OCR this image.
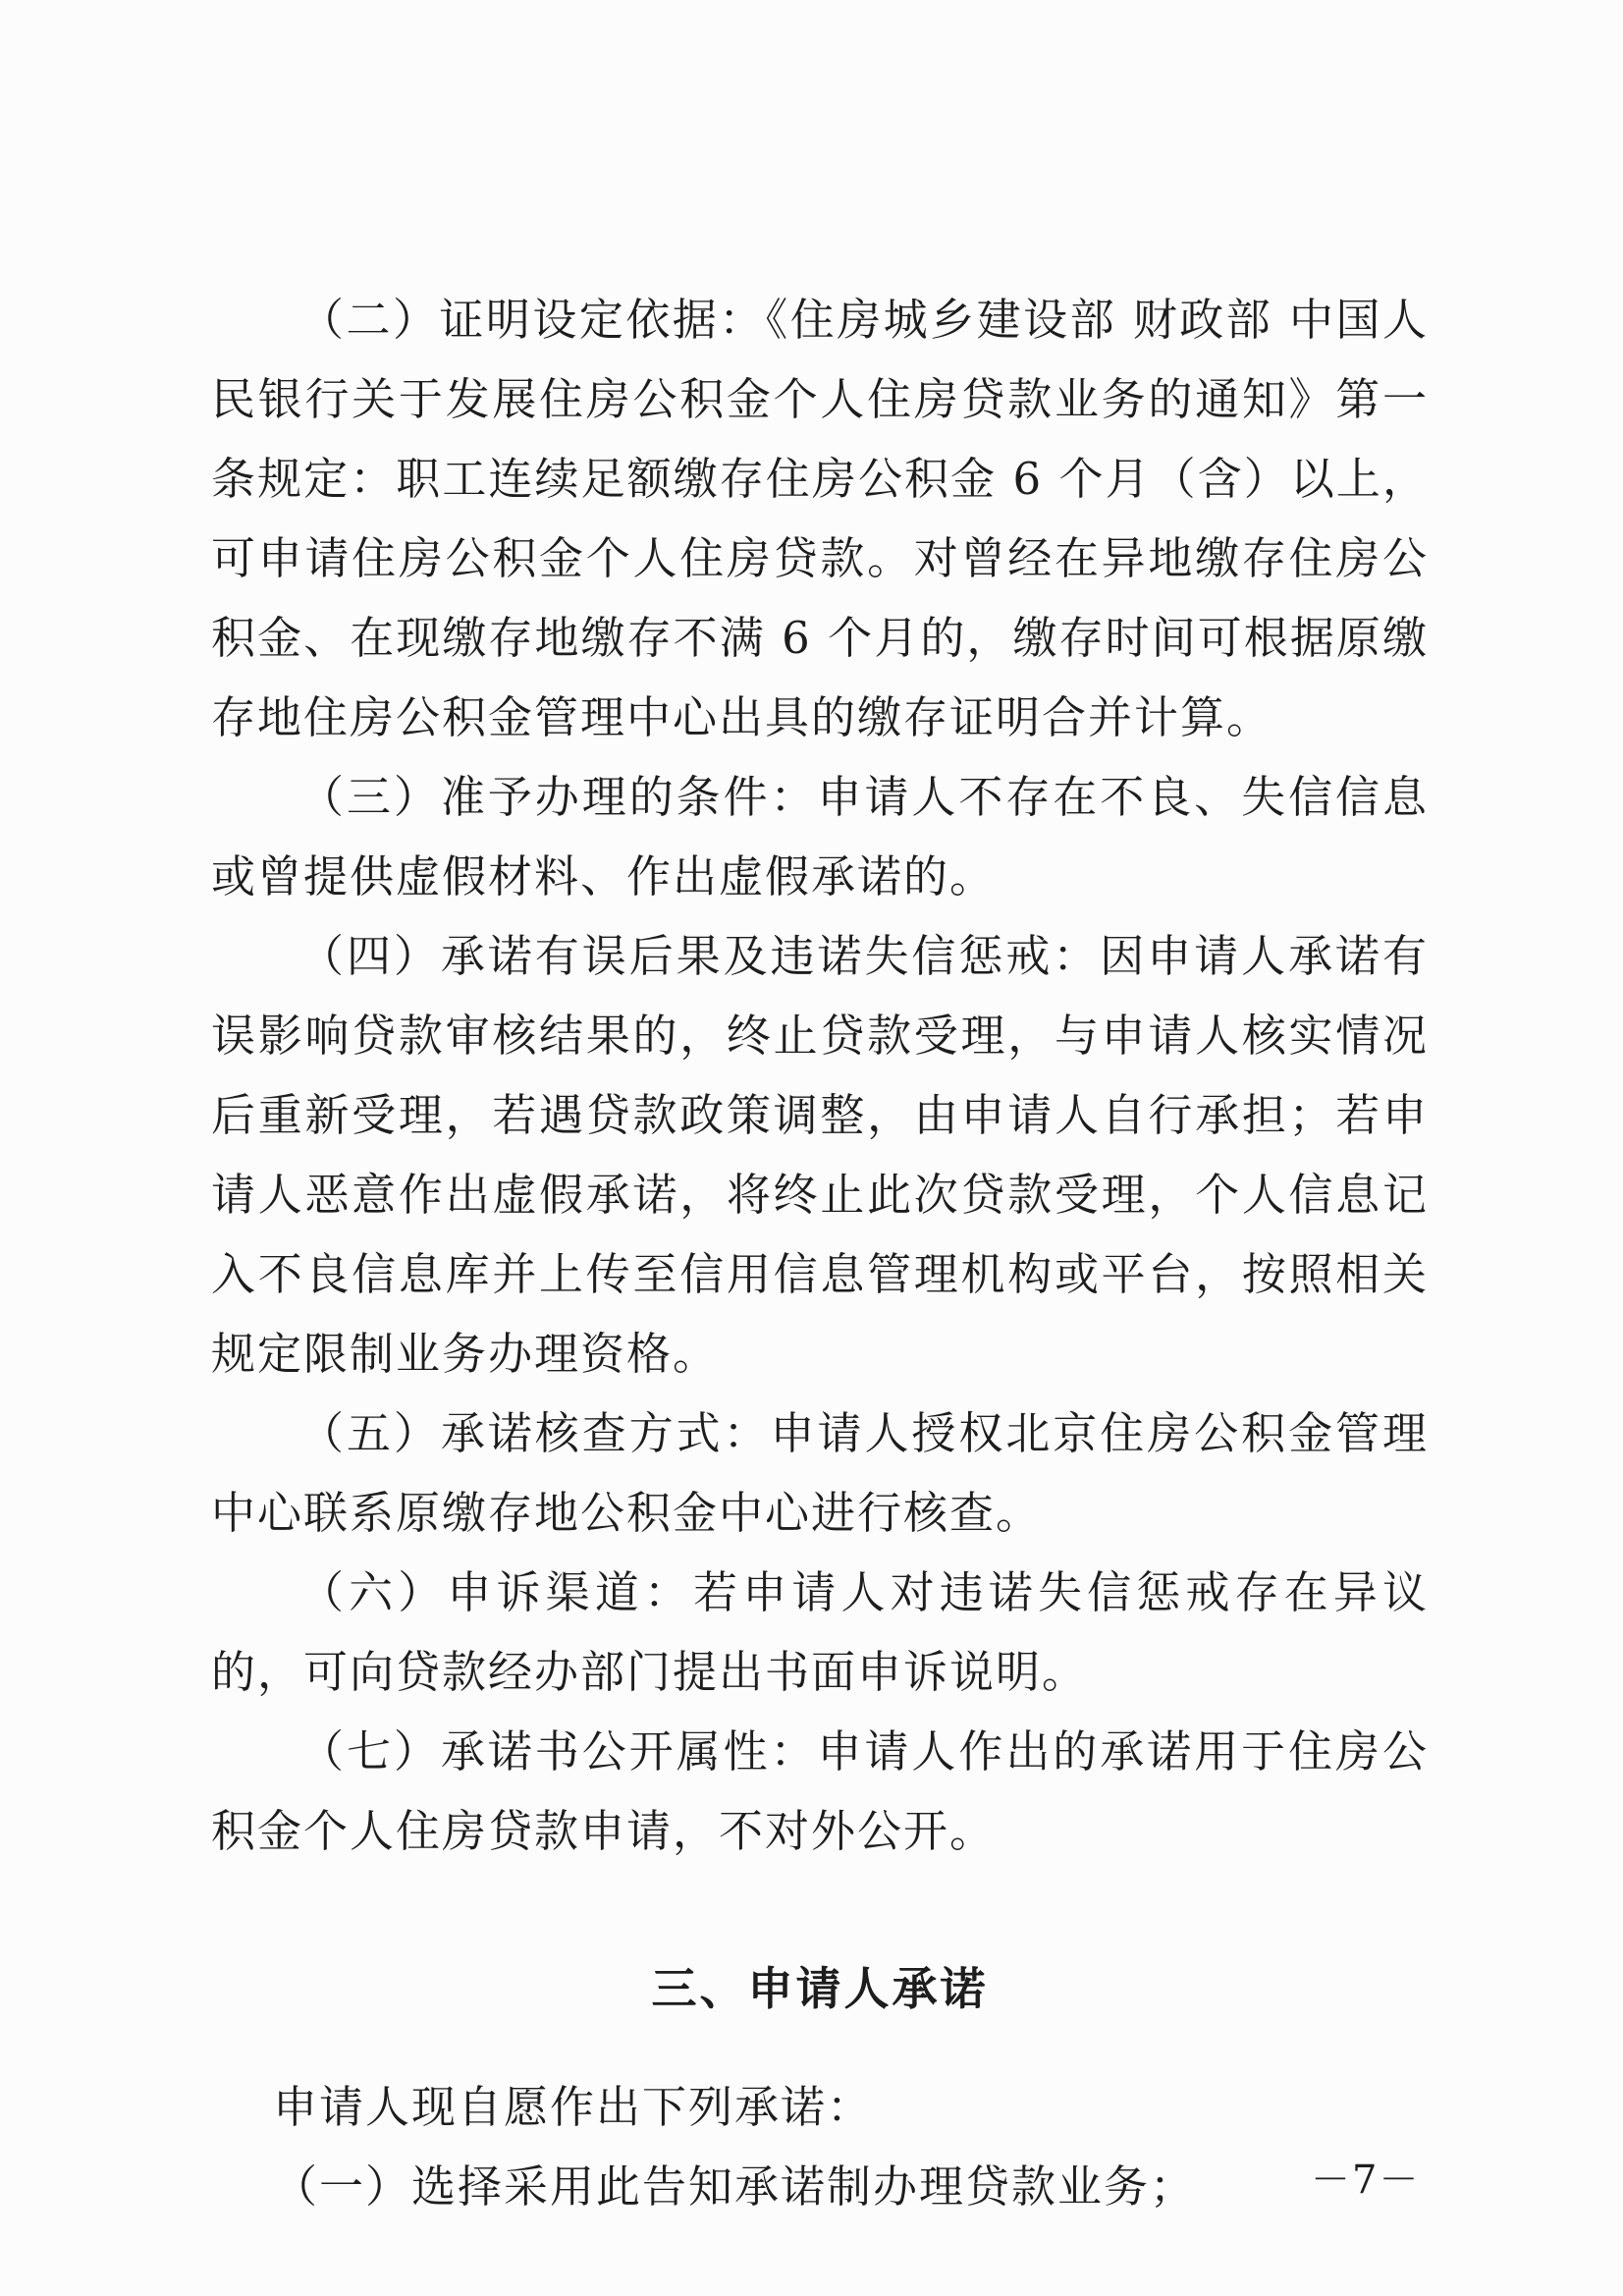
（二）证明设定依据：《住房城乡建设部 财政部 中国人民银行关于发展住房公积金个人住房贷款业务的通知》第一条规定：职工连续足额缴存住房公积金 6 个月（含）以上，可申请住房公积金个人住房贷款。对曾经在异地缴存住房公积金、在现缴存地缴存不满 6 个月的，缴存时间可根据原缴存地住房公积金管理中心出具的缴存证明合并计算。

（三）准予办理的条件：申请人不存在不良、失信信息或曾提供虚假材料、作出虚假承诺的。

（四）承诺有误后果及违诺失信惩戒：因申请人承诺有误影响贷款审核结果的，终止贷款受理，与申请人核实情况后重新受理，若遇贷款政策调整，由申请人自行承担；若申请人恶意作出虚假承诺，将终止此次贷款受理，个人信息记入不良信息库并上传至信用信息管理机构或平台，按照相关规定限制业务办理资格。

（五）承诺核查方式：申请人授权北京住房公积金管理中心联系原缴存地公积金中心进行核查。

（六）申诉渠道：若申请人对违诺失信惩戒存在异议的，可向贷款经办部门提出书面申诉说明。

（七）承诺书公开属性：申请人作出的承诺用于住房公积金个人住房贷款申请，不对外公开。

三、申请人承诺

申请人现自愿作出下列承诺：

（一）选择采用此告知承诺制办理贷款业务；	－7－
